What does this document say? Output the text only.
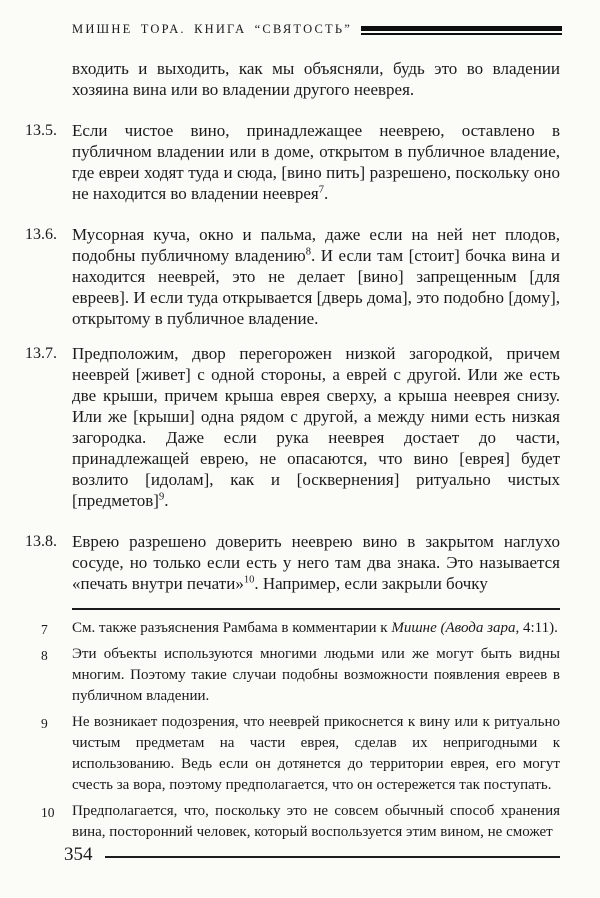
МИШНЕ ТОРА. КНИГА “СВЯТОСТЬ”

входить и выходить, как мы объясняли, будь это во владении хозяина вина или во владении другого нееврея.

13.5. Если чистое вино, принадлежащее нееврею, оставлено в публичном владении или в доме, открытом в публичное владение, где евреи ходят туда и сюда, [вино пить] разрешено, поскольку оно не находится во владении нееврея$^7$.

13.6. Мусорная куча, окно и пальма, даже если на ней нет плодов, подобны публичному владению$^8$. И если там [стоит] бочка вина и находится нееврей, это не делает [вино] запрещенным [для евреев]. И если туда открывается [дверь дома], это подобно [дому], открытому в публичное владение.

13.7. Предположим, двор перегорожен низкой загородкой, причем нееврей [живет] с одной стороны, а еврей с другой. Или же есть две крыши, причем крыша еврея сверху, а крыша нееврея снизу. Или же [крыши] одна рядом с другой, а между ними есть низкая загородка. Даже если рука нееврея достает до части, принадлежащей еврею, не опасаются, что вино [еврея] будет возлито [идолам], как и [осквернения] ритуально чистых [предметов]$^9$.

13.8. Еврею разрешено доверить нееврею вино в закрытом наглухо сосуде, но только если есть у него там два знака. Это называется «печать внутри печати»$^{10}$. Например, если закрыли бочку

7	См. также разъяснения Рамбама в комментарии к Мишне (Авода зара, 4:11).

8	Эти объекты используются многими людьми или же могут быть видны многим. Поэтому такие случаи подобны возможности появления евреев в публичном владении.

9	Не возникает подозрения, что нееврей прикоснется к вину или к ритуально чистым предметам на части еврея, сделав их непригодными к использованию. Ведь если он дотянется до территории еврея, его могут счесть за вора, поэтому предполагается, что он остережется так поступать.

10	Предполагается, что, поскольку это не совсем обычный способ хранения вина, посторонний человек, который воспользуется этим вином, не сможет

354
